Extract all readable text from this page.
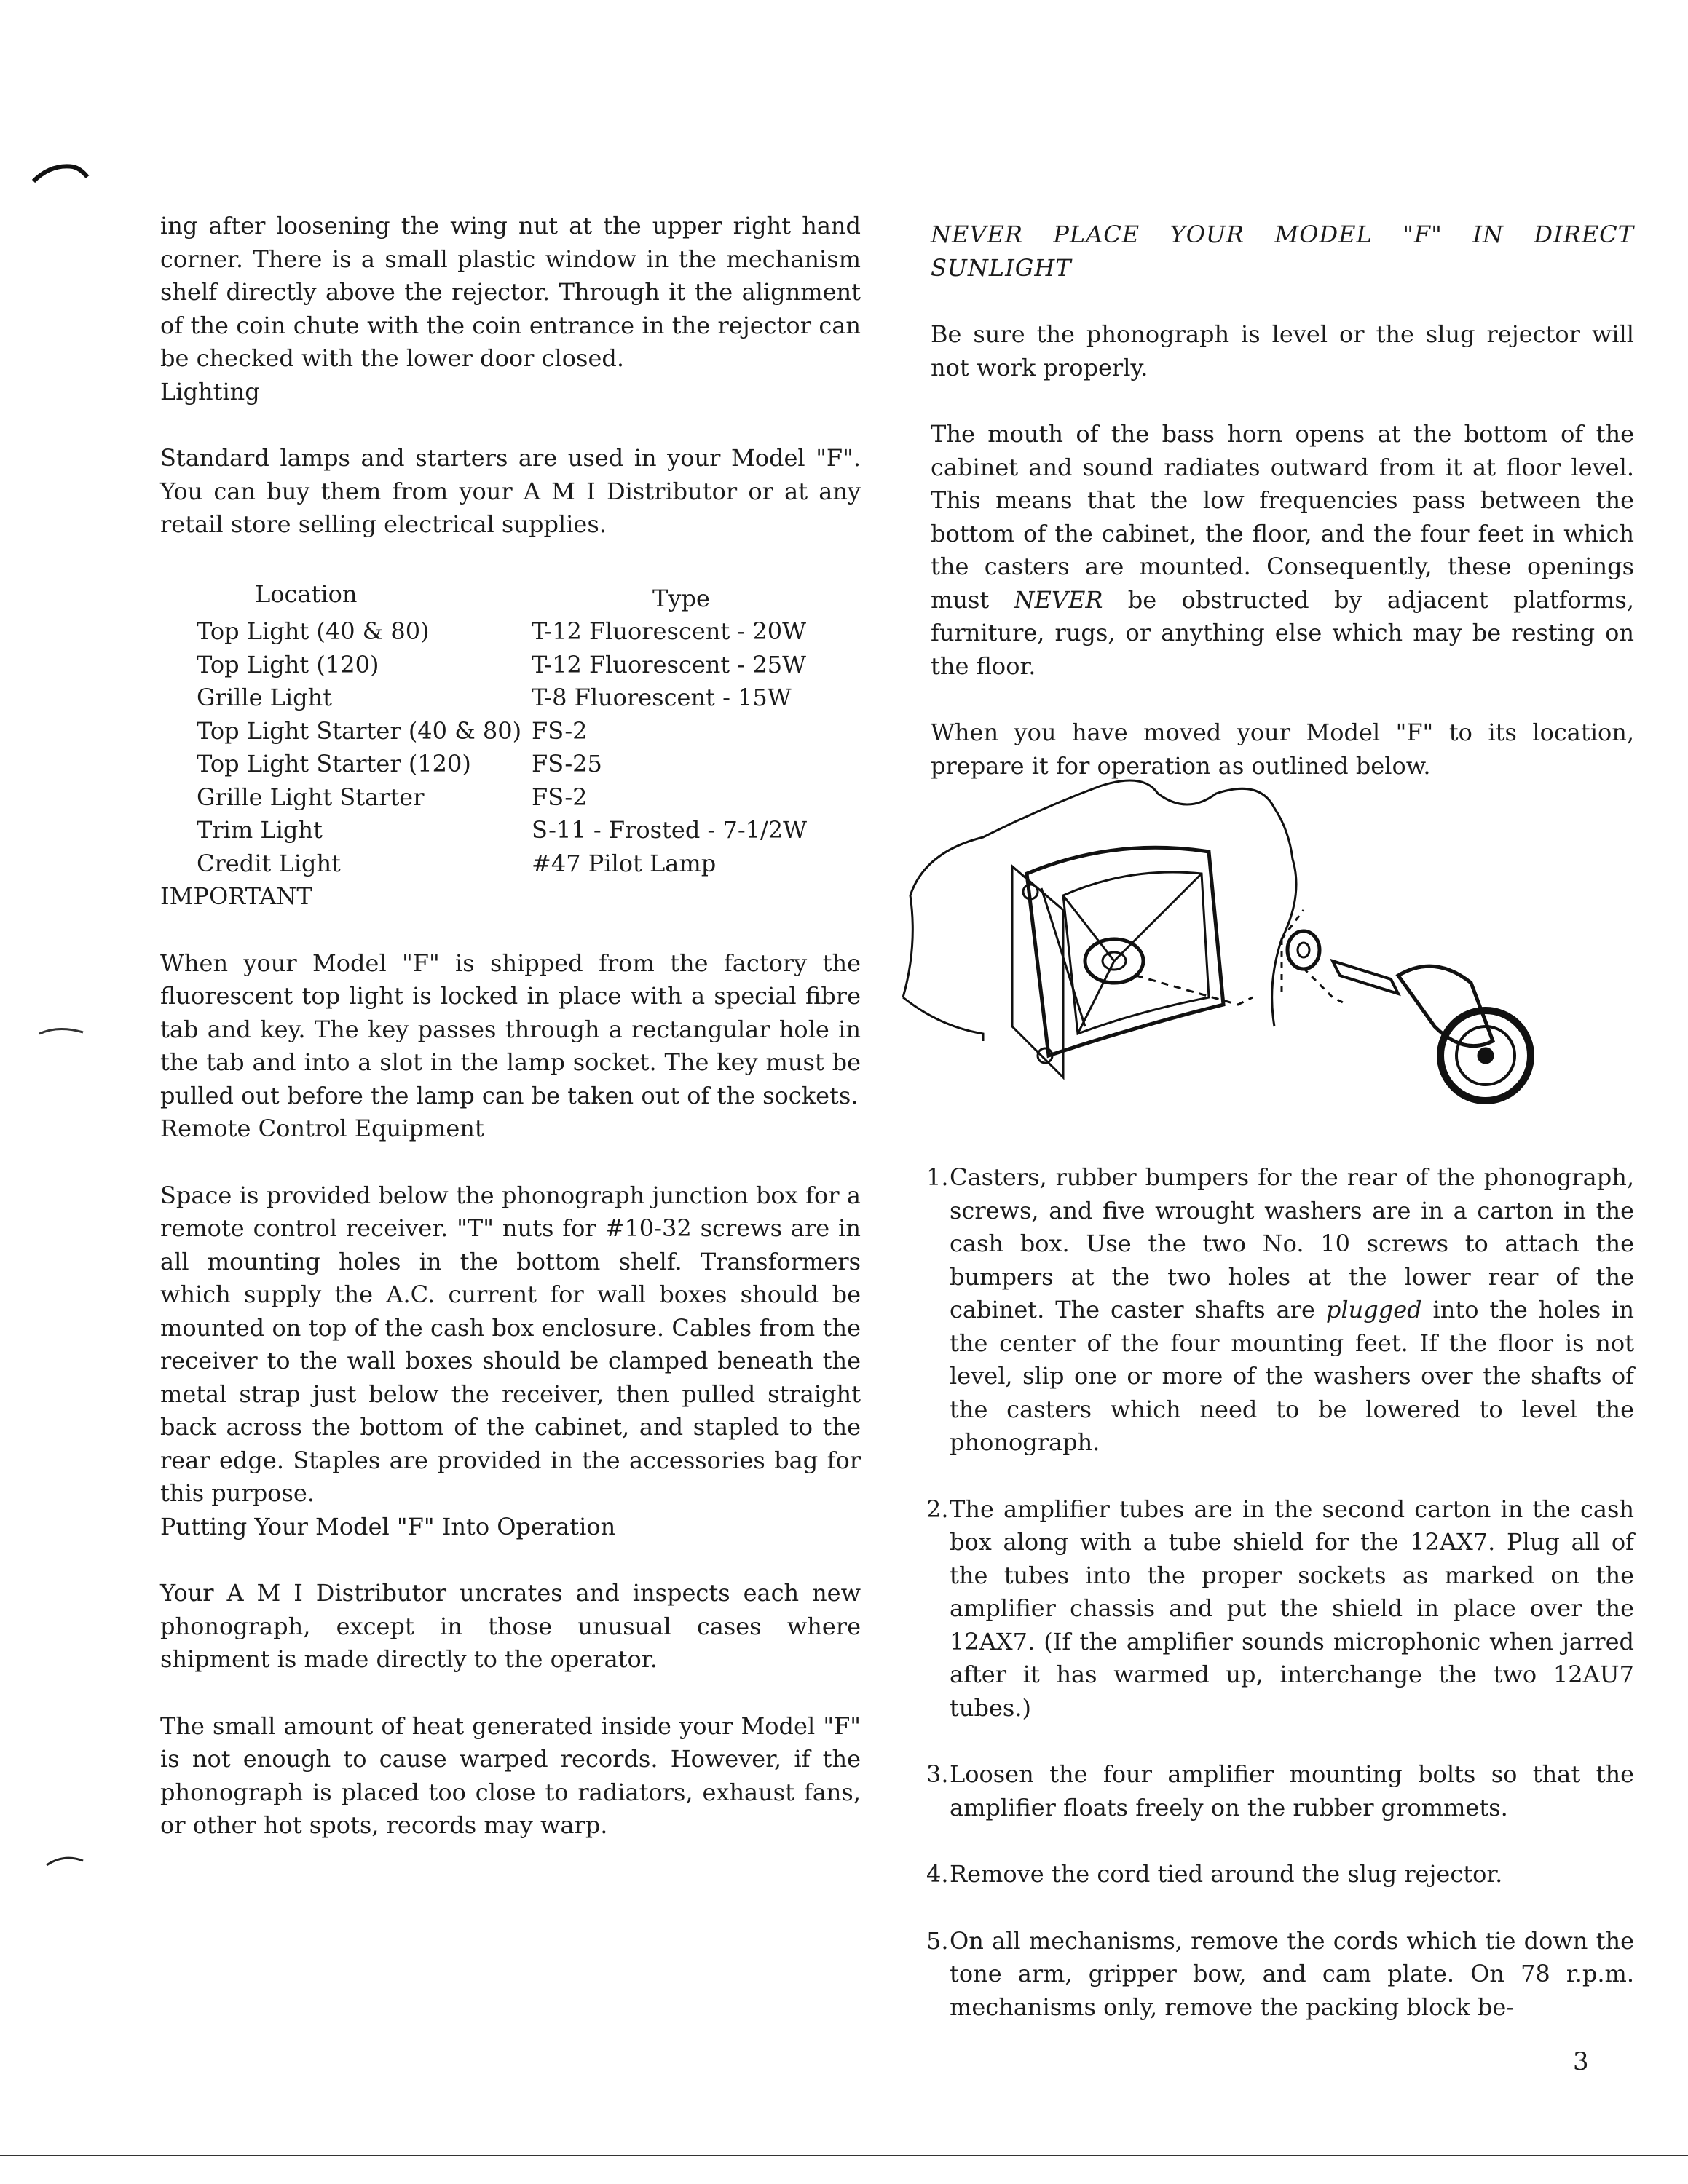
ing after loosening the wing nut at the upper right hand corner. There is a small plastic window in the mechanism shelf directly above the rejector. Through it the alignment of the coin chute with the coin entrance in the rejector can be checked with the lower door closed.

Lighting

Standard lamps and starters are used in your Model "F". You can buy them from your A M I Distributor or at any retail store selling electrical supplies.

Location	Type
Top Light (40 & 80)	T-12 Fluorescent - 20W
Top Light (120)	T-12 Fluorescent - 25W
Grille Light	T-8 Fluorescent - 15W
Top Light Starter (40 & 80)	FS-2
Top Light Starter (120)	FS-25
Grille Light Starter	FS-2
Trim Light	S-11 - Frosted - 7-1/2W
Credit Light	#47 Pilot Lamp

IMPORTANT

When your Model "F" is shipped from the factory the fluorescent top light is locked in place with a special fibre tab and key. The key passes through a rectangular hole in the tab and into a slot in the lamp socket. The key must be pulled out before the lamp can be taken out of the sockets.

Remote Control Equipment

Space is provided below the phonograph junction box for a remote control receiver. "T" nuts for #10-32 screws are in all mounting holes in the bottom shelf. Transformers which supply the A.C. current for wall boxes should be mounted on top of the cash box enclosure. Cables from the receiver to the wall boxes should be clamped beneath the metal strap just below the receiver, then pulled straight back across the bottom of the cabinet, and stapled to the rear edge. Staples are provided in the accessories bag for this purpose.

Putting Your Model "F" Into Operation

Your A M I Distributor uncrates and inspects each new phonograph, except in those unusual cases where shipment is made directly to the operator.

The small amount of heat generated inside your Model "F" is not enough to cause warped records. However, if the phonograph is placed too close to radiators, exhaust fans, or other hot spots, records may warp.

NEVER PLACE YOUR MODEL "F" IN DIRECT SUNLIGHT

Be sure the phonograph is level or the slug rejector will not work properly.

The mouth of the bass horn opens at the bottom of the cabinet and sound radiates outward from it at floor level. This means that the low frequencies pass between the bottom of the cabinet, the floor, and the four feet in which the casters are mounted. Consequently, these openings must NEVER be obstructed by adjacent platforms, furniture, rugs, or anything else which may be resting on the floor.

When you have moved your Model "F" to its location, prepare it for operation as outlined below.

1. Casters, rubber bumpers for the rear of the phonograph, screws, and five wrought washers are in a carton in the cash box. Use the two No. 10 screws to attach the bumpers at the two holes at the lower rear of the cabinet. The caster shafts are plugged into the holes in the center of the four mounting feet. If the floor is not level, slip one or more of the washers over the shafts of the casters which need to be lowered to level the phonograph.
2. The amplifier tubes are in the second carton in the cash box along with a tube shield for the 12AX7. Plug all of the tubes into the proper sockets as marked on the amplifier chassis and put the shield in place over the 12AX7. (If the amplifier sounds microphonic when jarred after it has warmed up, interchange the two 12AU7 tubes.)
3. Loosen the four amplifier mounting bolts so that the amplifier floats freely on the rubber grommets.
4. Remove the cord tied around the slug rejector.
5. On all mechanisms, remove the cords which tie down the tone arm, gripper bow, and cam plate. On 78 r.p.m. mechanisms only, remove the packing block be-
3
